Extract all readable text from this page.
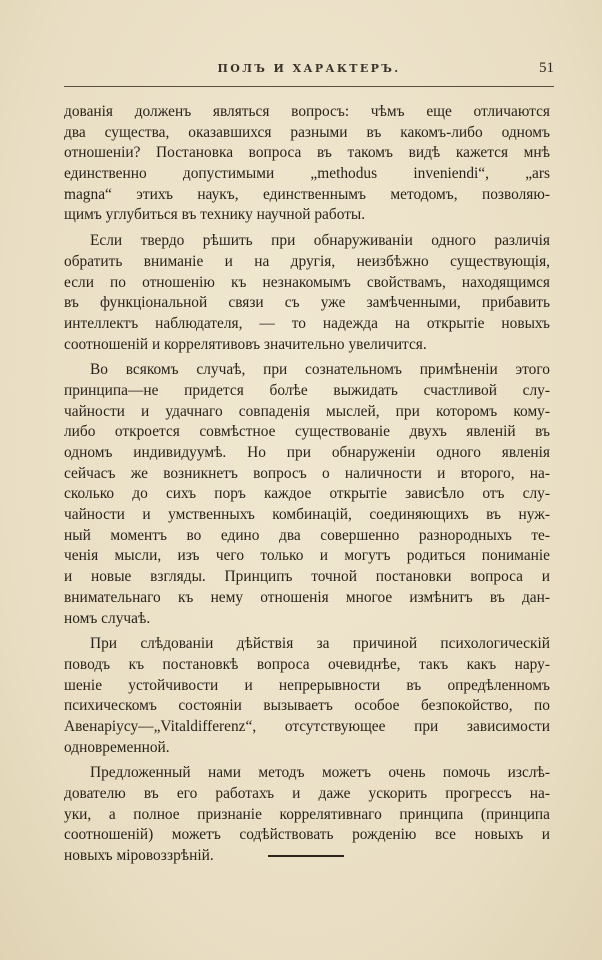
ПОЛЪ И ХАРАКТЕРЪ.	51
дованія долженъ являться вопросъ: чѣмъ еще отличаются
два существа, оказавшихся разными въ какомъ-либо одномъ
отношеніи? Постановка вопроса въ такомъ видѣ кажется мнѣ
единственно допустимыми „methodus inveniendi“, „ars
magna“ этихъ наукъ, единственнымъ методомъ, позволяю-
щимъ углубиться въ технику научной работы.
Если твердо рѣшить при обнаруживаніи одного различія
обратить вниманіе и на другія, неизбѣжно существующія,
если по отношенію къ незнакомымъ свойствамъ, находящимся
въ функціональной связи съ уже замѣченными, прибавить
интеллектъ наблюдателя, — то надежда на открытіе новыхъ
соотношеній и коррелятивовъ значительно увеличится.
Во всякомъ случаѣ, при сознательномъ примѣненіи этого
принципа—не придется болѣе выжидать счастливой слу-
чайности и удачнаго совпаденія мыслей, при которомъ кому-
либо откроется совмѣстное существованіе двухъ явленій въ
одномъ индивидуумѣ. Но при обнаруженіи одного явленія
сейчасъ же возникнетъ вопросъ о наличности и второго, на-
сколько до сихъ поръ каждое открытіе зависѣло отъ слу-
чайности и умственныхъ комбинацій, соединяющихъ въ нуж-
ный моментъ во едино два совершенно разнородныхъ те-
ченія мысли, изъ чего только и могутъ родиться пониманіе
и новые взгляды. Принципъ точной постановки вопроса и
внимательнаго къ нему отношенія многое измѣнитъ въ дан-
номъ случаѣ.
При слѣдованіи дѣйствія за причиной психологическій
поводъ къ постановкѣ вопроса очевиднѣе, такъ какъ нару-
шеніе устойчивости и непрерывности въ опредѣленномъ
психическомъ состояніи вызываетъ особое безпокойство, по
Авенаріусу—„Vitaldifferenz“, отсутствующее при зависимости
одновременной.
Предложенный нами методъ можетъ очень помочь изслѣ-
дователю въ его работахъ и даже ускорить прогрессъ на-
уки, а полное признаніе коррелятивнаго принципа (принципа
соотношеній) можетъ содѣйствовать рожденію все новыхъ и
новыхъ міровоззрѣній.
